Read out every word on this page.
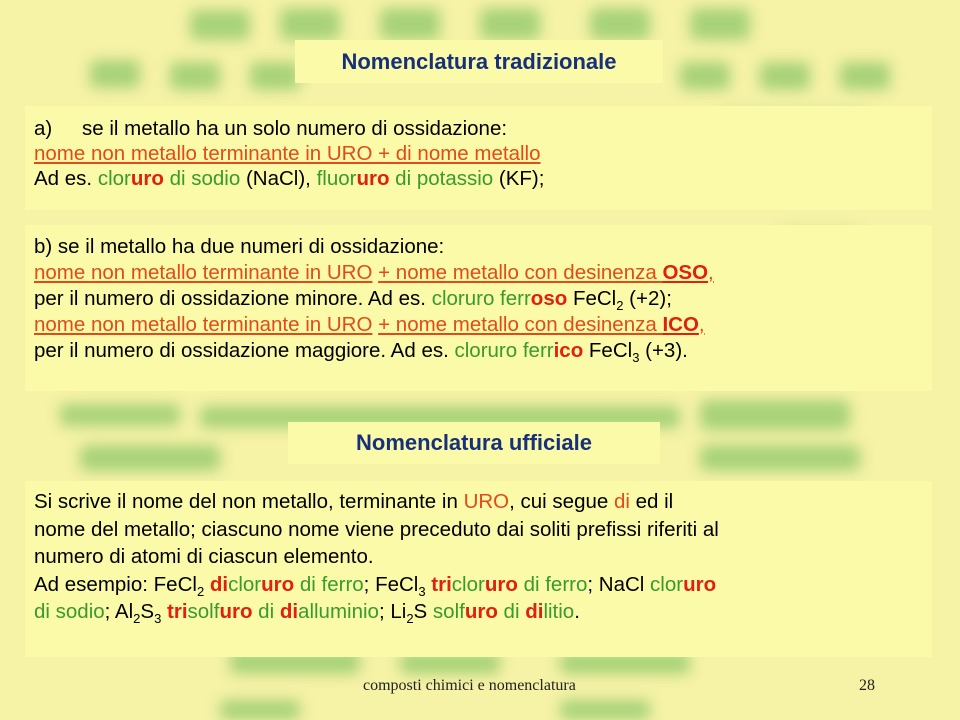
Nomenclatura tradizionale
a) se il metallo ha un solo numero di ossidazione:
nome non metallo terminante in URO + di nome metallo
Ad es. cloruro di sodio (NaCl), fluoruro di potassio (KF);
b) se il metallo ha due numeri di ossidazione:
nome non metallo terminante in URO + nome metallo con desinenza OSO,
per il numero di ossidazione minore. Ad es. cloruro ferroso FeCl$_2$ (+2);
nome non metallo terminante in URO + nome metallo con desinenza ICO,
per il numero di ossidazione maggiore. Ad es. cloruro ferrico FeCl$_3$ (+3).
Nomenclatura ufficiale
Si scrive il nome del non metallo, terminante in URO, cui segue di ed il
nome del metallo; ciascuno nome viene preceduto dai soliti prefissi riferiti al
numero di atomi di ciascun elemento.
Ad esempio: FeCl$_2$ dicloruro di ferro; FeCl$_3$ tricloruro di ferro; NaCl cloruro
di sodio; $Al_2S_3$ trisolfuro di dialluminio; $Li_2S$ solfuro di dilitio.
composti chimici e nomenclatura	28
